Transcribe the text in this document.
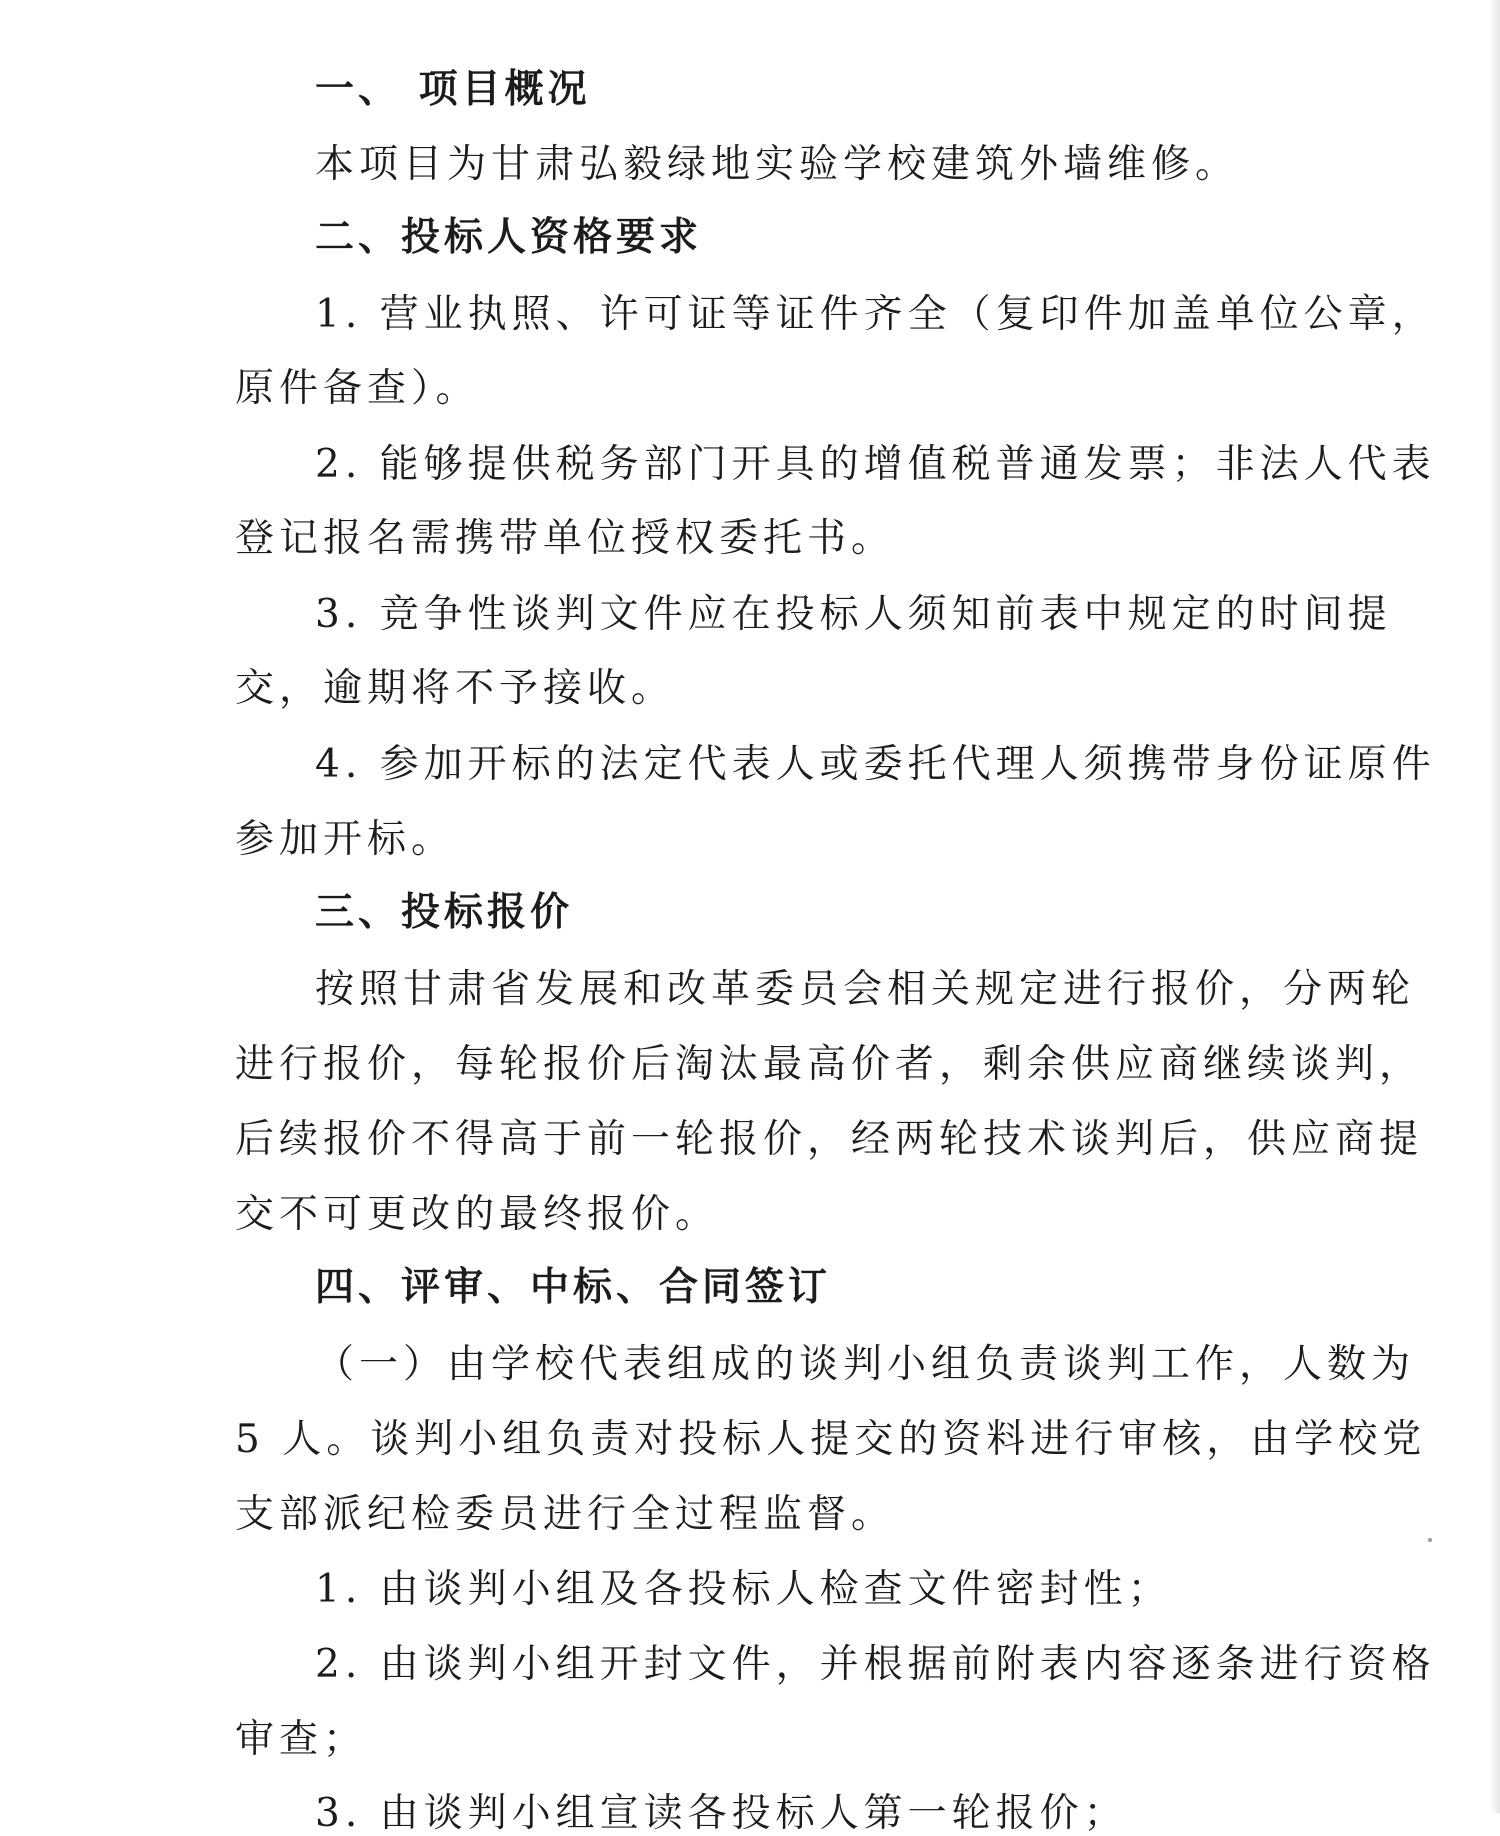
一、 项目概况
本项目为甘肃弘毅绿地实验学校建筑外墙维修。
二、投标人资格要求
1. 营业执照、许可证等证件齐全（复印件加盖单位公章，
原件备查）。
2. 能够提供税务部门开具的增值税普通发票；非法人代表
登记报名需携带单位授权委托书。
3. 竞争性谈判文件应在投标人须知前表中规定的时间提
交，逾期将不予接收。
4. 参加开标的法定代表人或委托代理人须携带身份证原件
参加开标。
三、投标报价
按照甘肃省发展和改革委员会相关规定进行报价，分两轮
进行报价，每轮报价后淘汰最高价者，剩余供应商继续谈判，
后续报价不得高于前一轮报价，经两轮技术谈判后，供应商提
交不可更改的最终报价。
四、评审、中标、合同签订
（一）由学校代表组成的谈判小组负责谈判工作，人数为
5 人。谈判小组负责对投标人提交的资料进行审核，由学校党
支部派纪检委员进行全过程监督。
1. 由谈判小组及各投标人检查文件密封性；
2. 由谈判小组开封文件，并根据前附表内容逐条进行资格
审查；
3. 由谈判小组宣读各投标人第一轮报价；
